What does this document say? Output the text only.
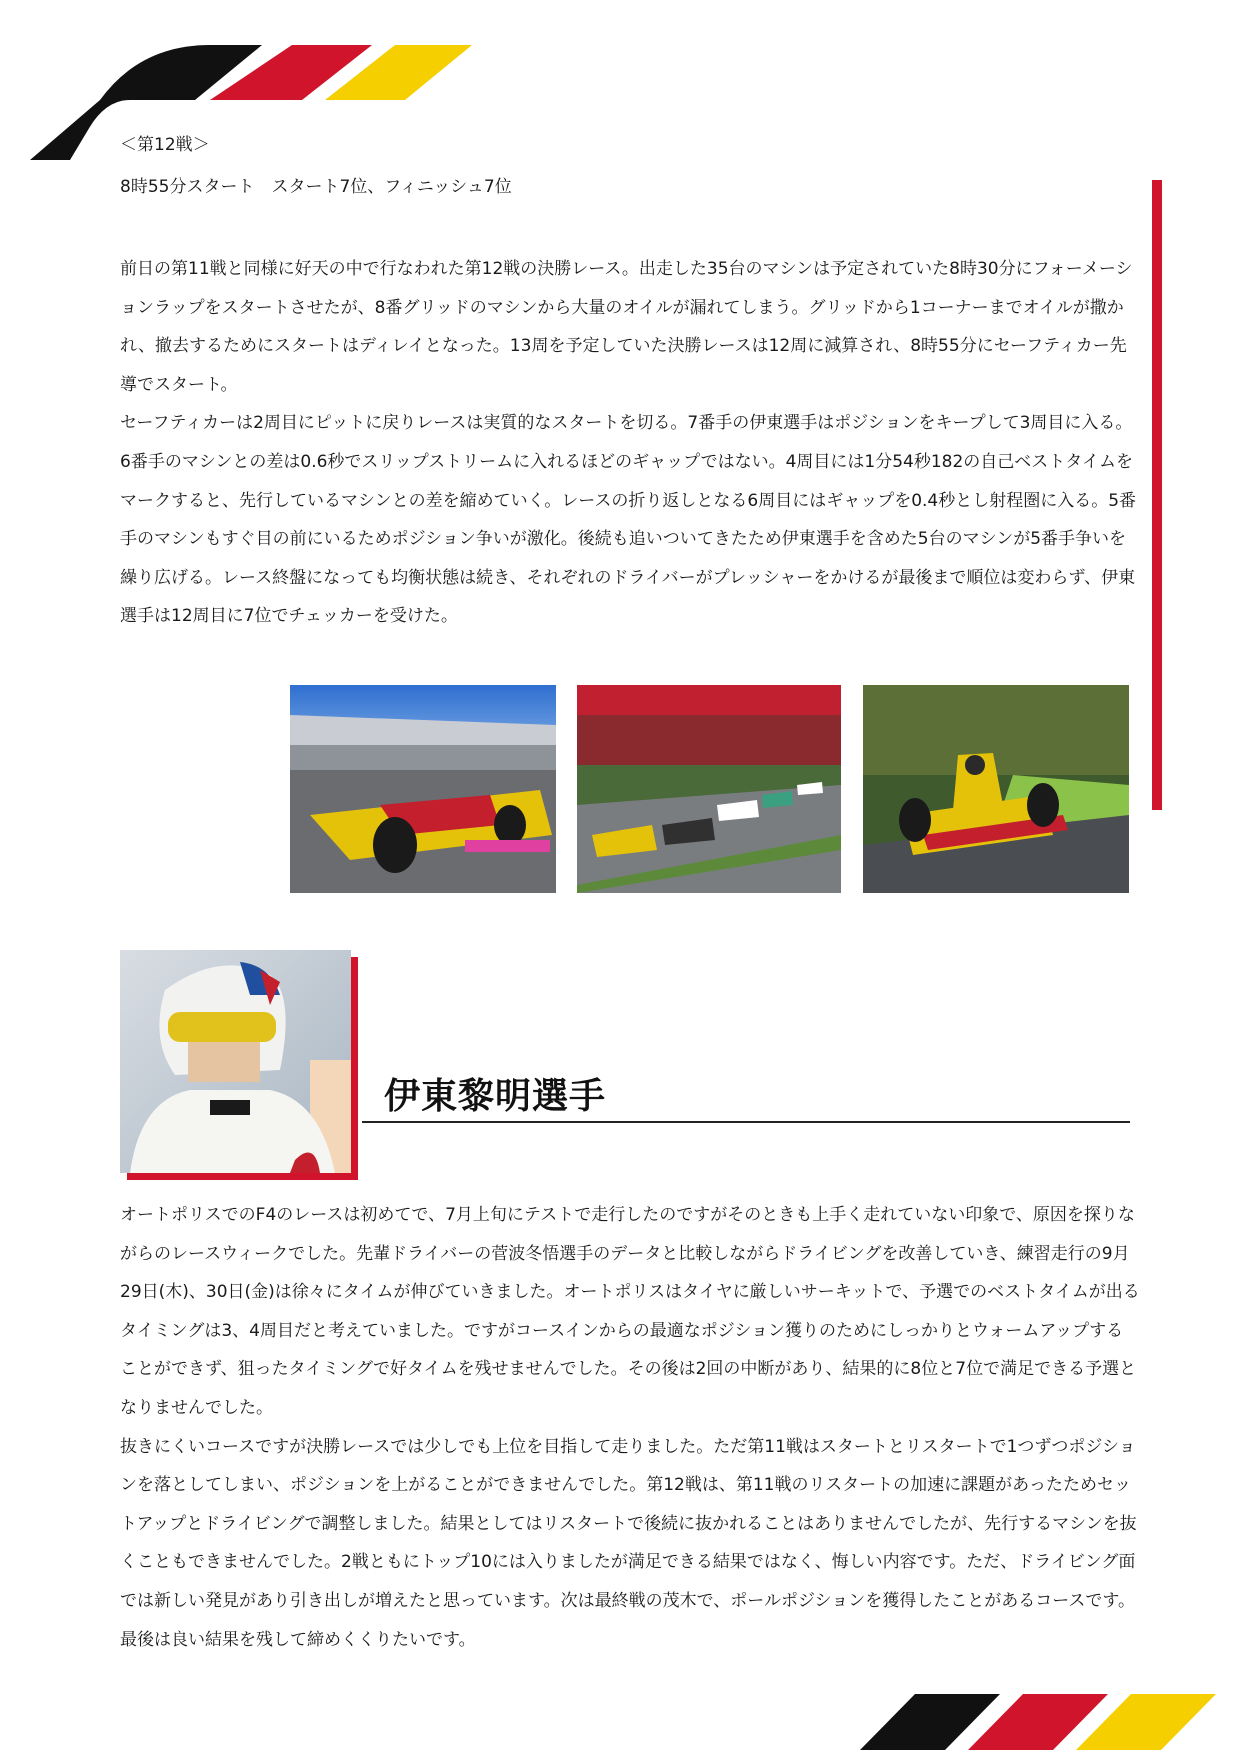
＜第12戦＞
8時55分スタート　スタート7位、フィニッシュ7位

前日の第11戦と同様に好天の中で行なわれた第12戦の決勝レース。出走した35台のマシンは予定されていた8時30分にフォーメーションラップをスタートさせたが、8番グリッドのマシンから大量のオイルが漏れてしまう。グリッドから1コーナーまでオイルが撒かれ、撤去するためにスタートはディレイとなった。13周を予定していた決勝レースは12周に減算され、8時55分にセーフティカー先導でスタート。

セーフティカーは2周目にピットに戻りレースは実質的なスタートを切る。7番手の伊東選手はポジションをキープして3周目に入る。6番手のマシンとの差は0.6秒でスリップストリームに入れるほどのギャップではない。4周目には1分54秒182の自己ベストタイムをマークすると、先行しているマシンとの差を縮めていく。レースの折り返しとなる6周目にはギャップを0.4秒とし射程圏に入る。5番手のマシンもすぐ目の前にいるためポジション争いが激化。後続も追いついてきたため伊東選手を含めた5台のマシンが5番手争いを繰り広げる。レース終盤になっても均衡状態は続き、それぞれのドライバーがプレッシャーをかけるが最後まで順位は変わらず、伊東選手は12周目に7位でチェッカーを受けた。

伊東黎明選手

オートポリスでのF4のレースは初めてで、7月上旬にテストで走行したのですがそのときも上手く走れていない印象で、原因を探りながらのレースウィークでした。先輩ドライバーの菅波冬悟選手のデータと比較しながらドライビングを改善していき、練習走行の9月29日(木)、30日(金)は徐々にタイムが伸びていきました。オートポリスはタイヤに厳しいサーキットで、予選でのベストタイムが出るタイミングは3、4周目だと考えていました。ですがコースインからの最適なポジション獲りのためにしっかりとウォームアップすることができず、狙ったタイミングで好タイムを残せませんでした。その後は2回の中断があり、結果的に8位と7位で満足できる予選となりませんでした。

抜きにくいコースですが決勝レースでは少しでも上位を目指して走りました。ただ第11戦はスタートとリスタートで1つずつポジションを落としてしまい、ポジションを上がることができませんでした。第12戦は、第11戦のリスタートの加速に課題があったためセットアップとドライビングで調整しました。結果としてはリスタートで後続に抜かれることはありませんでしたが、先行するマシンを抜くこともできませんでした。2戦ともにトップ10には入りましたが満足できる結果ではなく、悔しい内容です。ただ、ドライビング面では新しい発見があり引き出しが増えたと思っています。次は最終戦の茂木で、ポールポジションを獲得したことがあるコースです。最後は良い結果を残して締めくくりたいです。
